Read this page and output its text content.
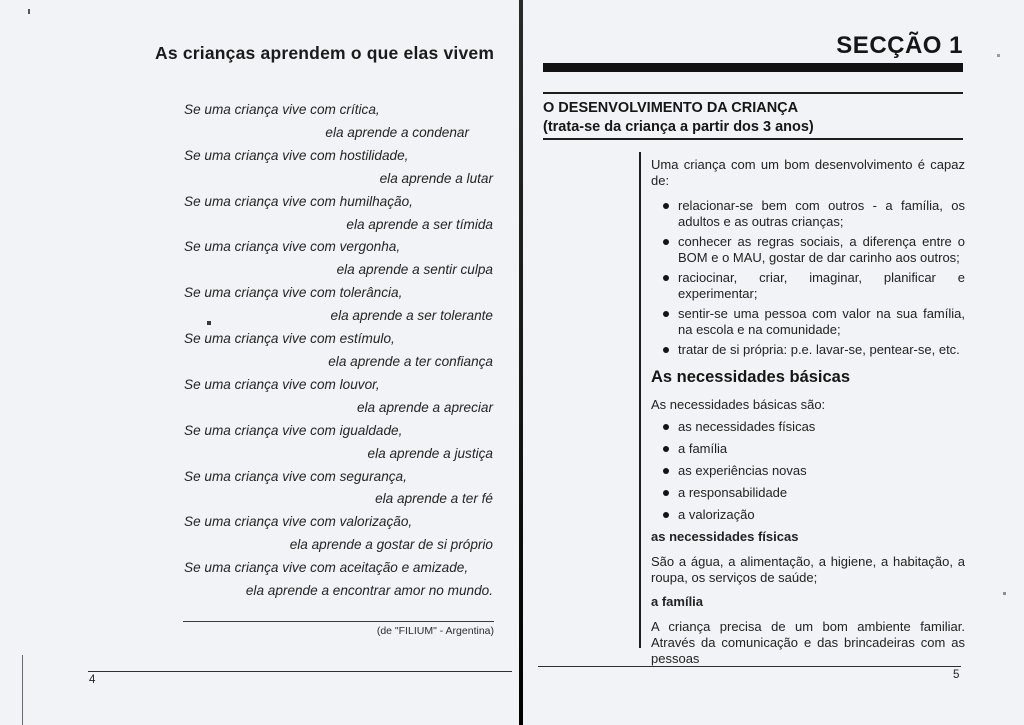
As crianças aprendem o que elas vivem
Se uma criança vive com crítica,
ela aprende a condenar
Se uma criança vive com hostilidade,
ela aprende a lutar
Se uma criança vive com humilhação,
ela aprende a ser tímida
Se uma criança vive com vergonha,
ela aprende a sentir culpa
Se uma criança vive com tolerância,
ela aprende a ser tolerante
Se uma criança vive com estímulo,
ela aprende a ter confiança
Se uma criança vive com louvor,
ela aprende a apreciar
Se uma criança vive com igualdade,
ela aprende a justiça
Se uma criança vive com segurança,
ela aprende a ter fé
Se uma criança vive com valorização,
ela aprende a gostar de si próprio
Se uma criança vive com aceitação e amizade,
ela aprende a encontrar amor no mundo.
(de "FILIUM" - Argentina)
4
SECÇÃO 1
O DESENVOLVIMENTO DA CRIANÇA
(trata-se da criança a partir dos 3 anos)
Uma criança com um bom desenvolvimento é capaz de:
relacionar-se bem com outros - a família, os adultos e as outras crianças;
conhecer as regras sociais, a diferença entre o BOM e o MAU, gostar de dar carinho aos outros;
raciocinar, criar, imaginar, planificar e experimentar;
sentir-se uma pessoa com valor na sua família, na escola e na comunidade;
tratar de si própria: p.e. lavar-se, pentear-se, etc.
As necessidades básicas
As necessidades básicas são:
as necessidades físicas
a família
as experiências novas
a responsabilidade
a valorização
as necessidades físicas
São a água, a alimentação, a higiene, a habitação, a roupa, os serviços de saúde;
a família
A criança precisa de um bom ambiente familiar. Através da comunicação e das brincadeiras com as pessoas
5
